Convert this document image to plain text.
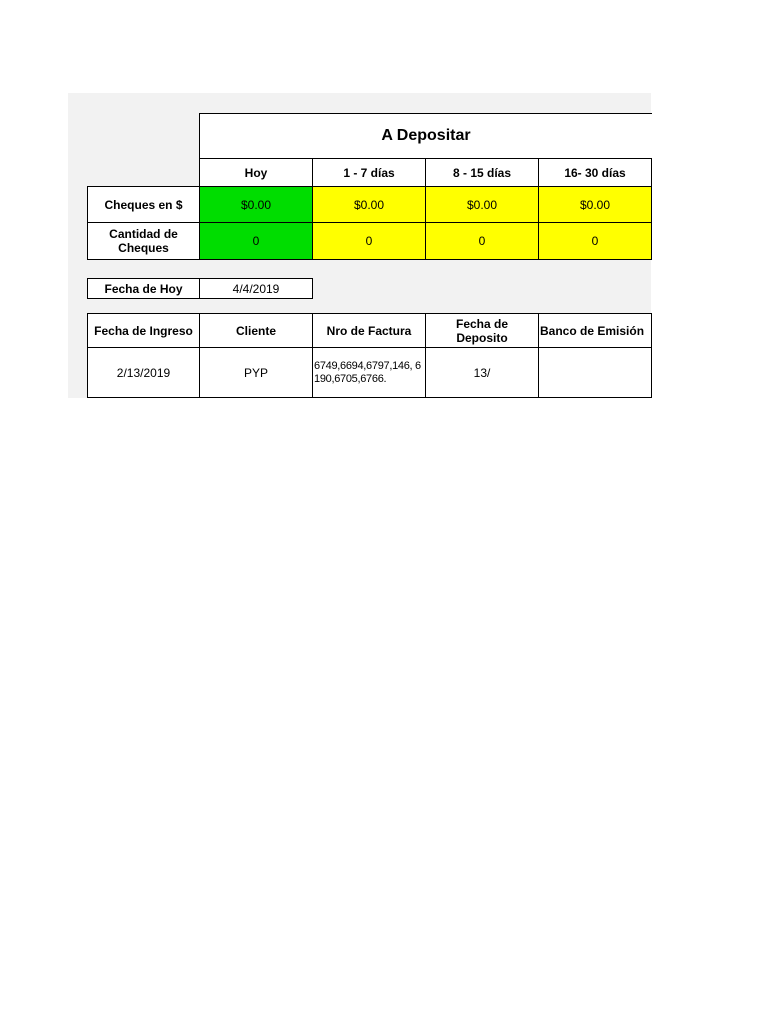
A Depositar
Hoy	1 - 7 días	8 - 15 días	16- 30 días
Cheques en $	$0.00	$0.00	$0.00	$0.00
Cantidad de Cheques	0	0	0	0
Fecha de Hoy	4/4/2019
Fecha de Ingreso	Cliente	Nro de Factura	Fecha de Deposito	Banco de Emisión
2/13/2019	PYP	6749,6694,6797,146, 6190,6705,6766.	13/
